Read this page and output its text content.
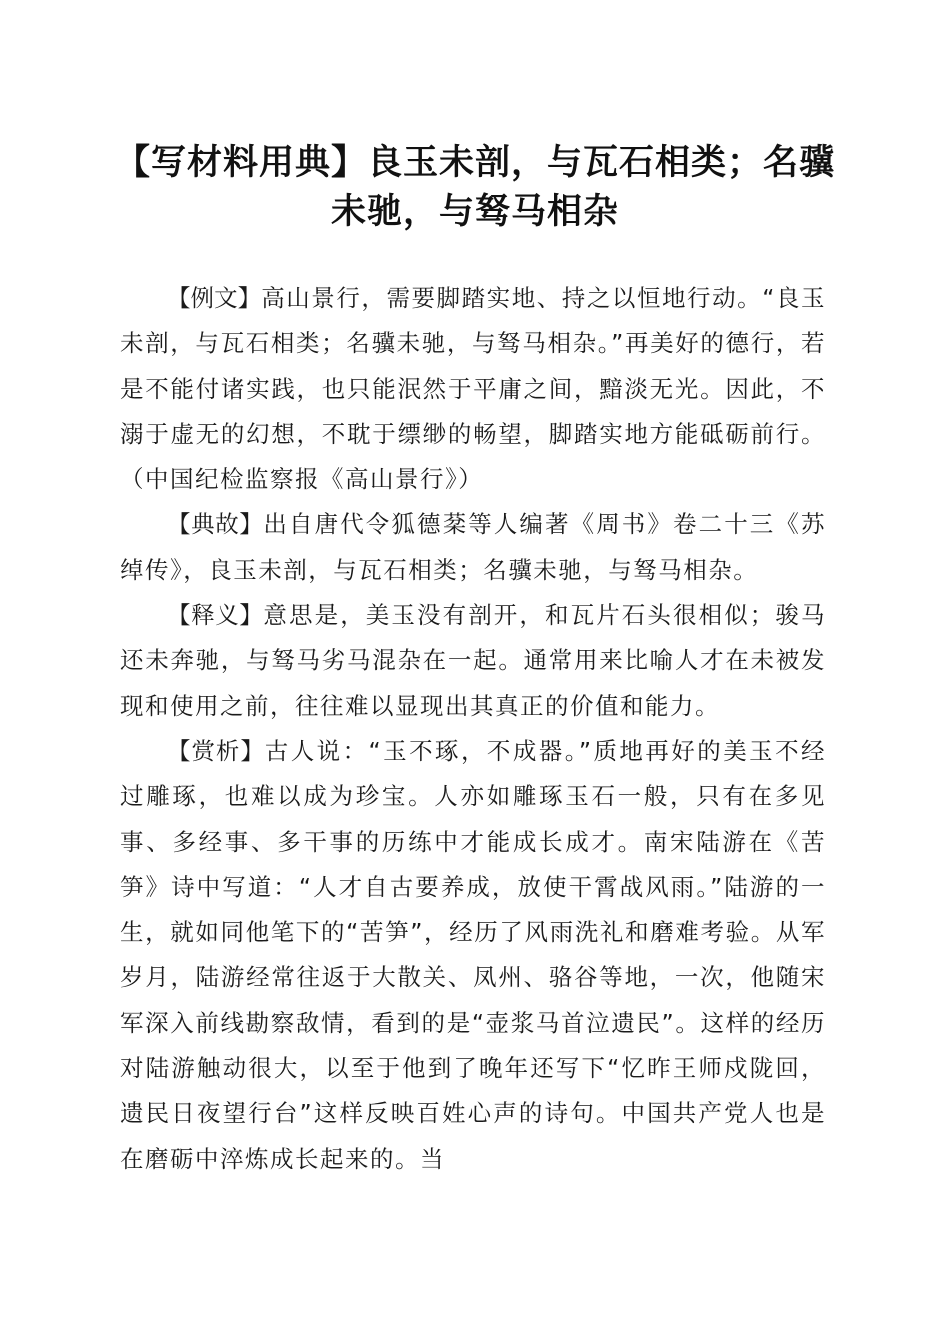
【写材料用典】良玉未剖，与瓦石相类；名骥未驰，与驽马相杂

【例文】高山景行，需要脚踏实地、持之以恒地行动。“良玉未剖，与瓦石相类；名骥未驰，与驽马相杂。”再美好的德行，若是不能付诸实践，也只能泯然于平庸之间，黯淡无光。因此，不溺于虚无的幻想，不耽于缥缈的畅望，脚踏实地方能砥砺前行。（中国纪检监察报《高山景行》）

【典故】出自唐代令狐德棻等人编著《周书》卷二十三《苏绰传》，良玉未剖，与瓦石相类；名骥未驰，与驽马相杂。

【释义】意思是，美玉没有剖开，和瓦片石头很相似；骏马还未奔驰，与驽马劣马混杂在一起。通常用来比喻人才在未被发现和使用之前，往往难以显现出其真正的价值和能力。

【赏析】古人说：“玉不琢，不成器。”质地再好的美玉不经过雕琢，也难以成为珍宝。人亦如雕琢玉石一般，只有在多见事、多经事、多干事的历练中才能成长成才。南宋陆游在《苦笋》诗中写道：“人才自古要养成，放使干霄战风雨。”陆游的一生，就如同他笔下的“苦笋”，经历了风雨洗礼和磨难考验。从军岁月，陆游经常往返于大散关、凤州、骆谷等地，一次，他随宋军深入前线勘察敌情，看到的是“壶浆马首泣遗民”。这样的经历对陆游触动很大，以至于他到了晚年还写下“忆昨王师戍陇回，遗民日夜望行台”这样反映百姓心声的诗句。中国共产党人也是在磨砺中淬炼成长起来的。当
